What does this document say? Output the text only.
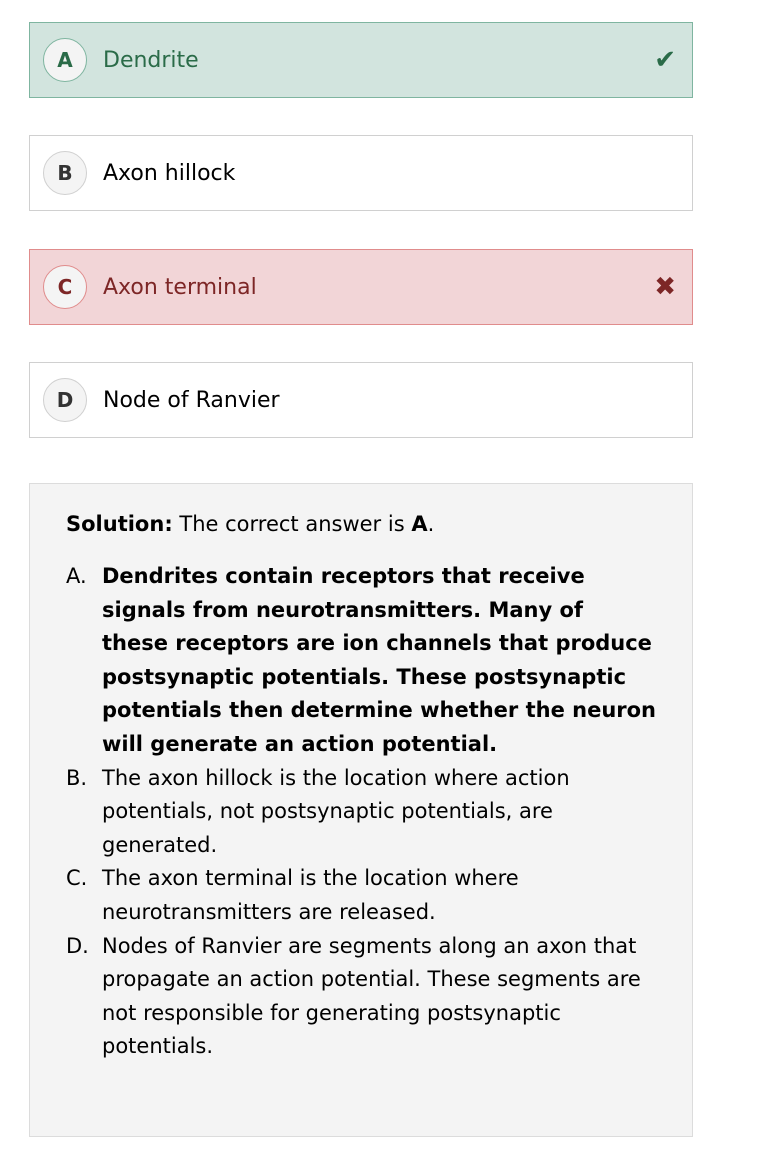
A	Dendrite	✔
B	Axon hillock
C	Axon terminal	✖
D	Node of Ranvier
Solution: The correct answer is A.
A. Dendrites contain receptors that receive signals from neurotransmitters. Many of these receptors are ion channels that produce postsynaptic potentials. These postsynaptic potentials then determine whether the neuron will generate an action potential.
B. The axon hillock is the location where action potentials, not postsynaptic potentials, are generated.
C. The axon terminal is the location where neurotransmitters are released.
D. Nodes of Ranvier are segments along an axon that propagate an action potential. These segments are not responsible for generating postsynaptic potentials.
